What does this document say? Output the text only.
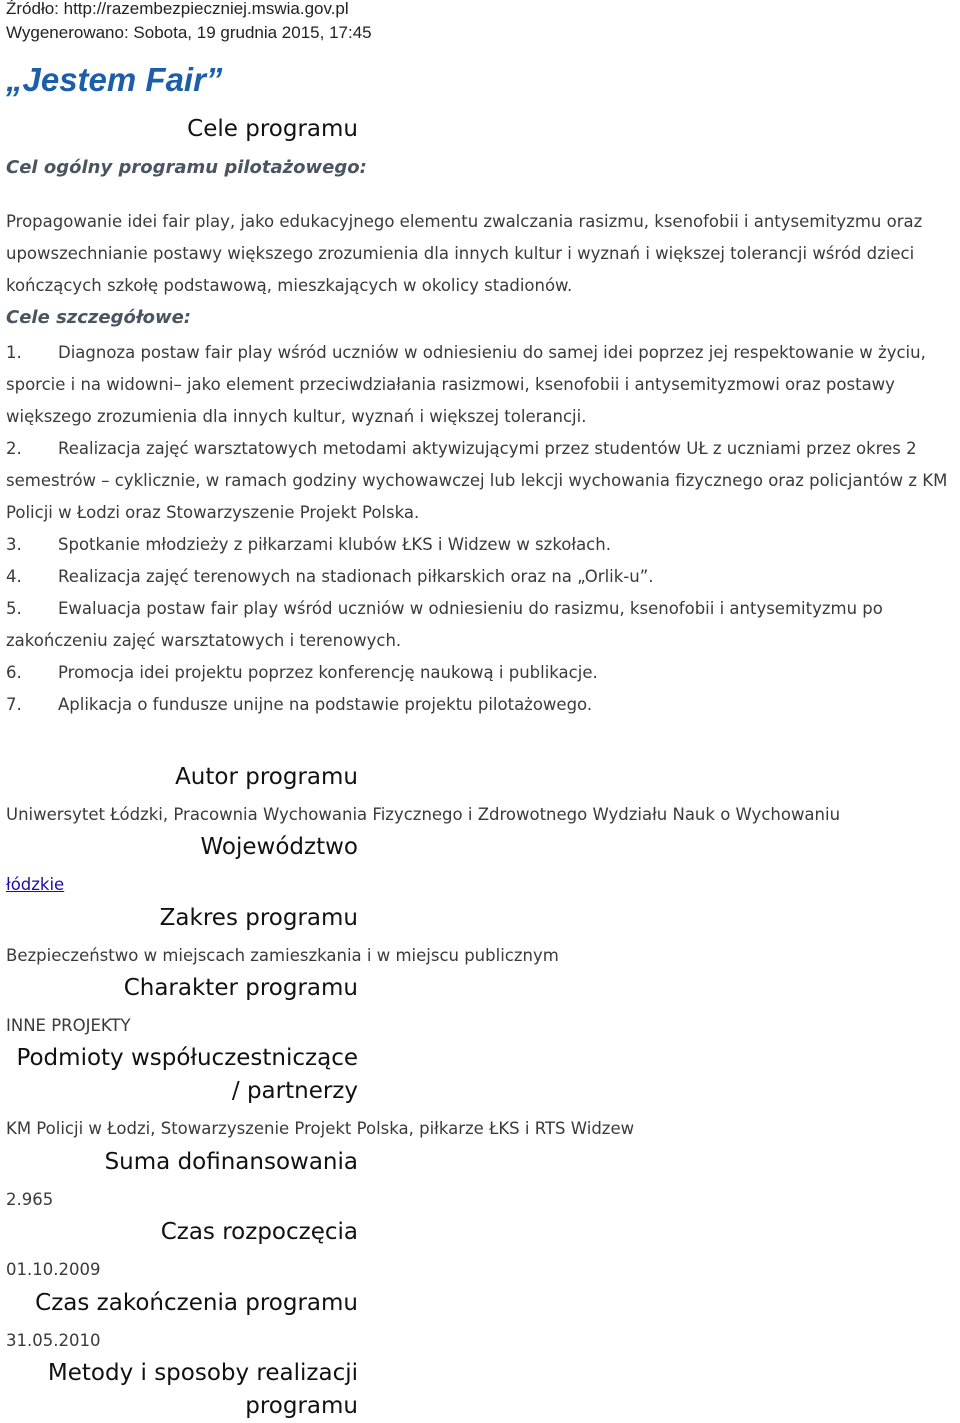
Źródło: http://razembezpieczniej.mswia.gov.pl
Wygenerowano: Sobota, 19 grudnia 2015, 17:45
„Jestem Fair”
Cele programu
Cel ogólny programu pilotażowego:

Propagowanie idei fair play, jako edukacyjnego elementu zwalczania rasizmu, ksenofobii i antysemityzmu oraz upowszechnianie postawy większego zrozumienia dla innych kultur i wyznań i większej tolerancji wśród dzieci kończących szkołę podstawową, mieszkających w okolicy stadionów.

Cele szczegółowe:
1. Diagnoza postaw fair play wśród uczniów w odniesieniu do samej idei poprzez jej respektowanie w życiu, sporcie i na widowni– jako element przeciwdziałania rasizmowi, ksenofobii i antysemityzmowi oraz postawy większego zrozumienia dla innych kultur, wyznań i większej tolerancji.
2. Realizacja zajęć warsztatowych metodami aktywizującymi przez studentów UŁ z uczniami przez okres 2 semestrów – cyklicznie, w ramach godziny wychowawczej lub lekcji wychowania fizycznego oraz policjantów z KM Policji w Łodzi oraz Stowarzyszenie Projekt Polska.
3. Spotkanie młodzieży z piłkarzami klubów ŁKS i Widzew w szkołach.
4. Realizacja zajęć terenowych na stadionach piłkarskich oraz na „Orlik-u”.
5. Ewaluacja postaw fair play wśród uczniów w odniesieniu do rasizmu, ksenofobii i antysemityzmu po zakończeniu zajęć warsztatowych i terenowych.
6. Promocja idei projektu poprzez konferencję naukową i publikacje.
7. Aplikacja o fundusze unijne na podstawie projektu pilotażowego.
Autor programu
Uniwersytet Łódzki, Pracownia Wychowania Fizycznego i Zdrowotnego Wydziału Nauk o Wychowaniu
Województwo
łódzkie
Zakres programu
Bezpieczeństwo w miejscach zamieszkania i w miejscu publicznym
Charakter programu
INNE PROJEKTY
Podmioty współuczestniczące
/ partnerzy
KM Policji w Łodzi, Stowarzyszenie Projekt Polska, piłkarze ŁKS i RTS Widzew
Suma dofinansowania
2.965
Czas rozpoczęcia
01.10.2009
Czas zakończenia programu
31.05.2010
Metody i sposoby realizacji
programu
